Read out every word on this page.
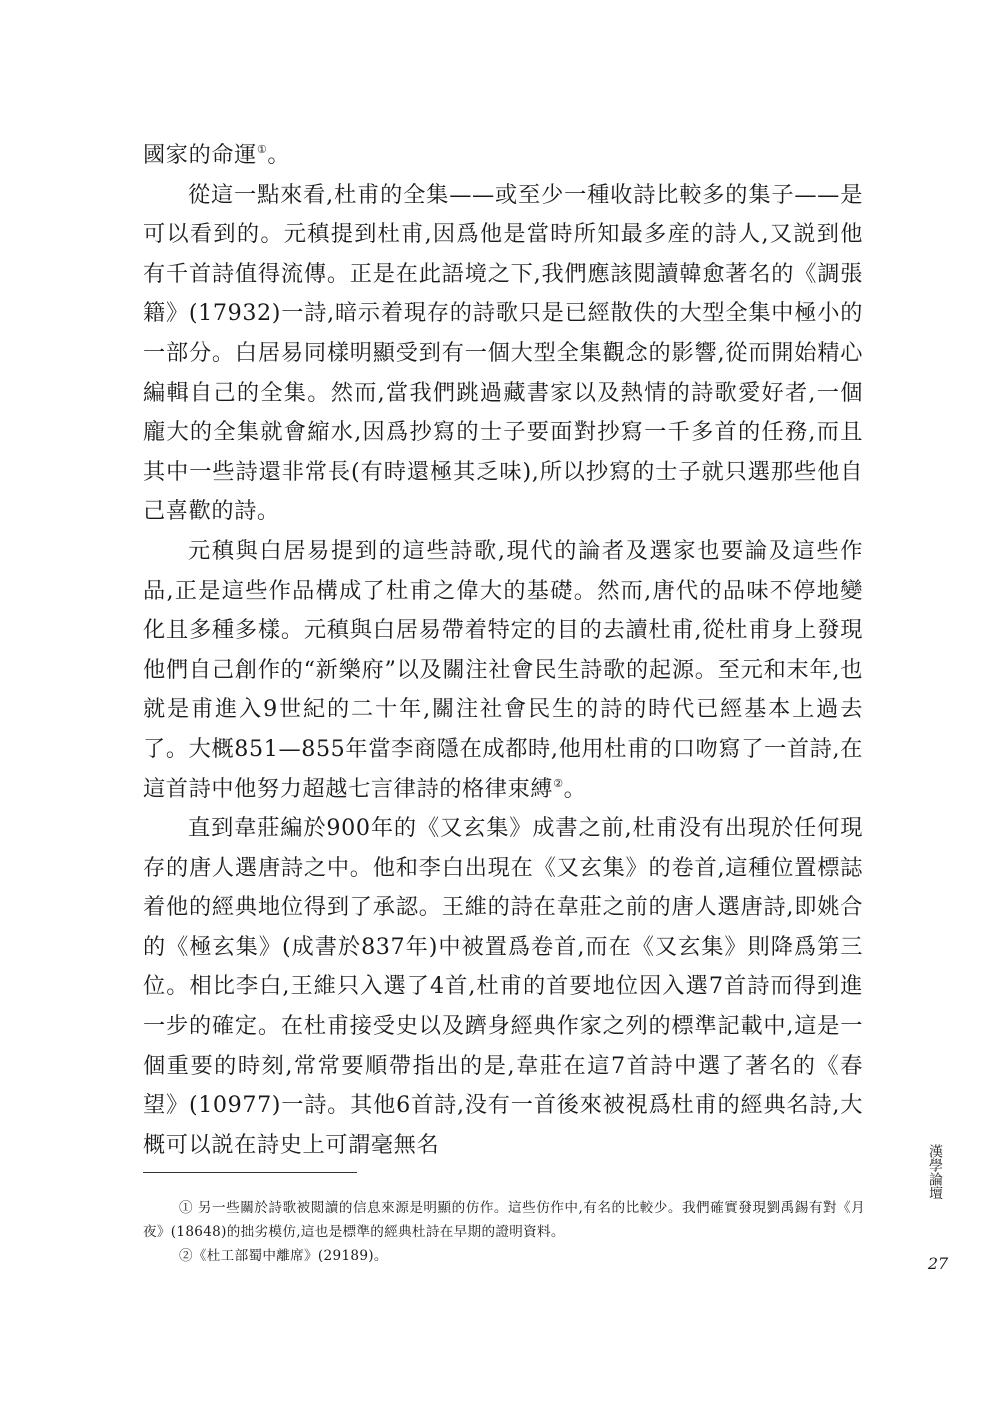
國家的命運①。

從這一點來看,杜甫的全集——或至少一種收詩比較多的集子——是可以看到的。元稹提到杜甫,因爲他是當時所知最多産的詩人,又説到他有千首詩值得流傳。正是在此語境之下,我們應該閲讀韓愈著名的《調張籍》(17932)一詩,暗示着現存的詩歌只是已經散佚的大型全集中極小的一部分。白居易同樣明顯受到有一個大型全集觀念的影響,從而開始精心編輯自己的全集。然而,當我們跳過藏書家以及熱情的詩歌愛好者,一個龐大的全集就會縮水,因爲抄寫的士子要面對抄寫一千多首的任務,而且其中一些詩還非常長(有時還極其乏味),所以抄寫的士子就只選那些他自己喜歡的詩。

元稹與白居易提到的這些詩歌,現代的論者及選家也要論及這些作品,正是這些作品構成了杜甫之偉大的基礎。然而,唐代的品味不停地變化且多種多樣。元稹與白居易帶着特定的目的去讀杜甫,從杜甫身上發現他們自己創作的“新樂府”以及關注社會民生詩歌的起源。至元和末年,也就是甫進入9世紀的二十年,關注社會民生的詩的時代已經基本上過去了。大概851—855年當李商隱在成都時,他用杜甫的口吻寫了一首詩,在這首詩中他努力超越七言律詩的格律束縛②。

直到韋莊編於900年的《又玄集》成書之前,杜甫没有出現於任何現存的唐人選唐詩之中。他和李白出現在《又玄集》的卷首,這種位置標誌着他的經典地位得到了承認。王維的詩在韋莊之前的唐人選唐詩,即姚合的《極玄集》(成書於837年)中被置爲卷首,而在《又玄集》則降爲第三位。相比李白,王維只入選了4首,杜甫的首要地位因入選7首詩而得到進一步的確定。在杜甫接受史以及躋身經典作家之列的標準記載中,這是一個重要的時刻,常常要順帶指出的是,韋莊在這7首詩中選了著名的《春望》(10977)一詩。其他6首詩,没有一首後來被視爲杜甫的經典名詩,大概可以説在詩史上可謂毫無名

① 另一些關於詩歌被閲讀的信息來源是明顯的仿作。這些仿作中,有名的比較少。我們確實發現劉禹錫有對《月夜》(18648)的拙劣模仿,這也是標準的經典杜詩在早期的證明資料。

②《杜工部蜀中離席》(29189)。

漢學論壇
27
